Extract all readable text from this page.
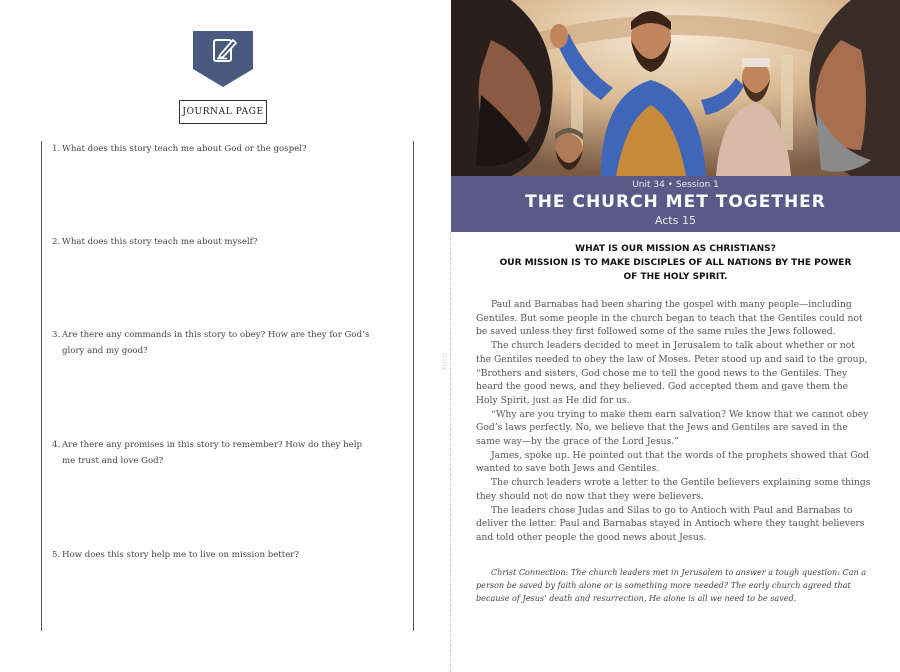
JOURNAL PAGE
1. What does this story teach me about God or the gospel?
2. What does this story teach me about myself?
3. Are there any commands in this story to obey? How are they for God’s
glory and my good?
4. Are there any promises in this story to remember? How do they help
me trust and love God?
5. How does this story help me to live on mission better?
FOLD
Unit 34 • Session 1
THE CHURCH MET TOGETHER
Acts 15
WHAT IS OUR MISSION AS CHRISTIANS?
OUR MISSION IS TO MAKE DISCIPLES OF ALL NATIONS BY THE POWER
OF THE HOLY SPIRIT.

Paul and Barnabas had been sharing the gospel with many people—including Gentiles. But some people in the church began to teach that the Gentiles could not be saved unless they first followed some of the same rules the Jews followed.

The church leaders decided to meet in Jerusalem to talk about whether or not the Gentiles needed to obey the law of Moses. Peter stood up and said to the group, “Brothers and sisters, God chose me to tell the good news to the Gentiles. They heard the good news, and they believed. God accepted them and gave them the Holy Spirit, just as He did for us.

“Why are you trying to make them earn salvation? We know that we cannot obey God’s laws perfectly. No, we believe that the Jews and Gentiles are saved in the same way—by the grace of the Lord Jesus.”

James, spoke up. He pointed out that the words of the prophets showed that God wanted to save both Jews and Gentiles.

The church leaders wrote a letter to the Gentile believers explaining some things they should not do now that they were believers.

The leaders chose Judas and Silas to go to Antioch with Paul and Barnabas to deliver the letter. Paul and Barnabas stayed in Antioch where they taught believers and told other people the good news about Jesus.

Christ Connection: The church leaders met in Jerusalem to answer a tough question: Can a person be saved by faith alone or is something more needed? The early church agreed that because of Jesus’ death and resurrection, He alone is all we need to be saved.
